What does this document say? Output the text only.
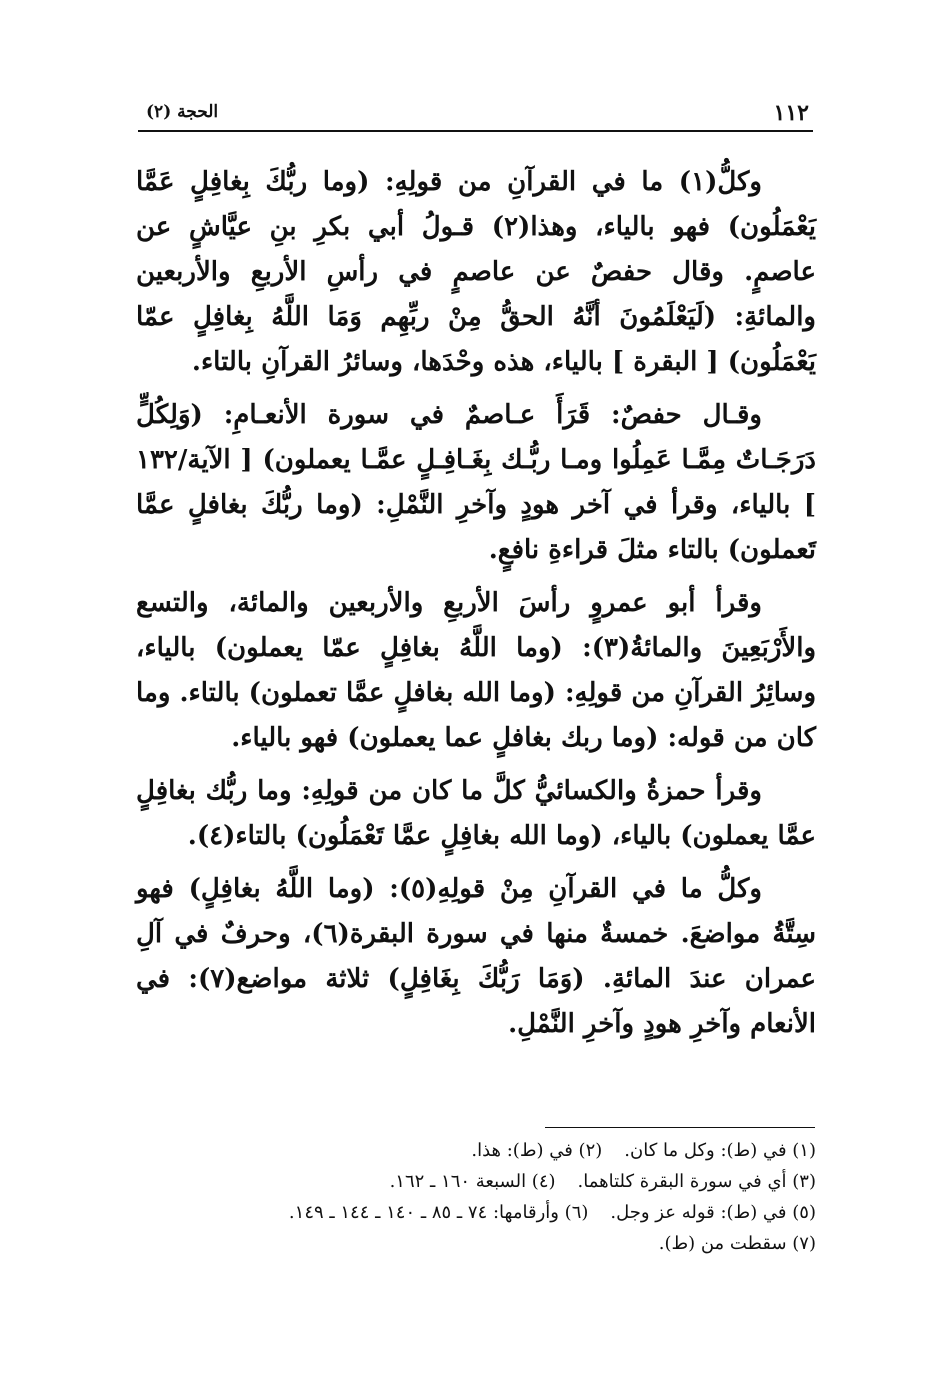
١١٢
الحجة (٢)

وكلُّ(١) ما في القرآنِ من قولِهِ: (وما ربُّكَ بِغافِلٍ عَمَّا يَعْمَلُون) فهو بالياء، وهذا(٢) قـولُ أبي بكرِ بنِ عيَّاشٍ عن عاصمٍ. وقال حفصٌ عن عاصمٍ في رأسِ الأربعِ والأربعين والمائةِ: (لَيَعْلَمُونَ أنَّهُ الحقُّ مِنْ ربِّهِم وَمَا اللَّهُ بِغافِلٍ عمّا يَعْمَلُون) [ البقرة ] بالياء، هذه وحْدَها، وسائرُ القرآنِ بالتاء.

وقـال حفصٌ: قَرَأَ عـاصمٌ في سورة الأنعـامِ: (وَلِكُلٍّ دَرَجَـاتٌ مِمَّـا عَمِلُوا ومـا ربُّـك بِغَـافِـلٍ عمَّـا يعملون) [ الآية/١٣٢ ] بالياء، وقرأ في آخر هودٍ وآخرِ النَّمْلِ: (وما ربُّكَ بغافلٍ عمَّا تَعملون) بالتاء مثلَ قراءةِ نافعٍ.

وقرأ أبو عمروٍ رأسَ الأربعِ والأربعين والمائة، والتسع والأَرْبَعِينَ والمائةُ(٣): (وما اللَّهُ بغافِلٍ عمّا يعملون) بالياء، وسائِرُ القرآنِ من قولِهِ: (وما الله بغافلٍ عمَّا تعملون) بالتاء. وما كان من قوله: (وما ربك بغافلٍ عما يعملون) فهو بالياء.

وقرأ حمزةُ والكسائيُّ كلَّ ما كان من قولِهِ: وما ربُّك بغافِلٍ عمَّا يعملون) بالياء، (وما الله بغافِلٍ عمَّا تَعْمَلُون) بالتاء(٤).

وكلُّ ما في القرآنِ مِنْ قولِهِ(٥): (وما اللَّهُ بغافِلٍ) فهو سِتَّةُ مواضعَ. خمسةٌ منها في سورة البقرة(٦)، وحرفٌ في آلِ عمران عندَ المائةِ. (وَمَا رَبُّكَ بِغَافِلٍ) ثلاثة مواضع(٧): في الأنعام وآخرِ هودٍ وآخرِ النَّمْلِ.

(١) في (ط): وكل ما كان.
(٢) في (ط): هذا.
(٣) أي في سورة البقرة كلتاهما.
(٤) السبعة ١٦٠ ـ ١٦٢.
(٥) في (ط): قوله عز وجل.
(٦) وأرقامها: ٧٤ ـ ٨٥ ـ ١٤٠ ـ ١٤٤ ـ ١٤٩.
(٧) سقطت من (ط).
